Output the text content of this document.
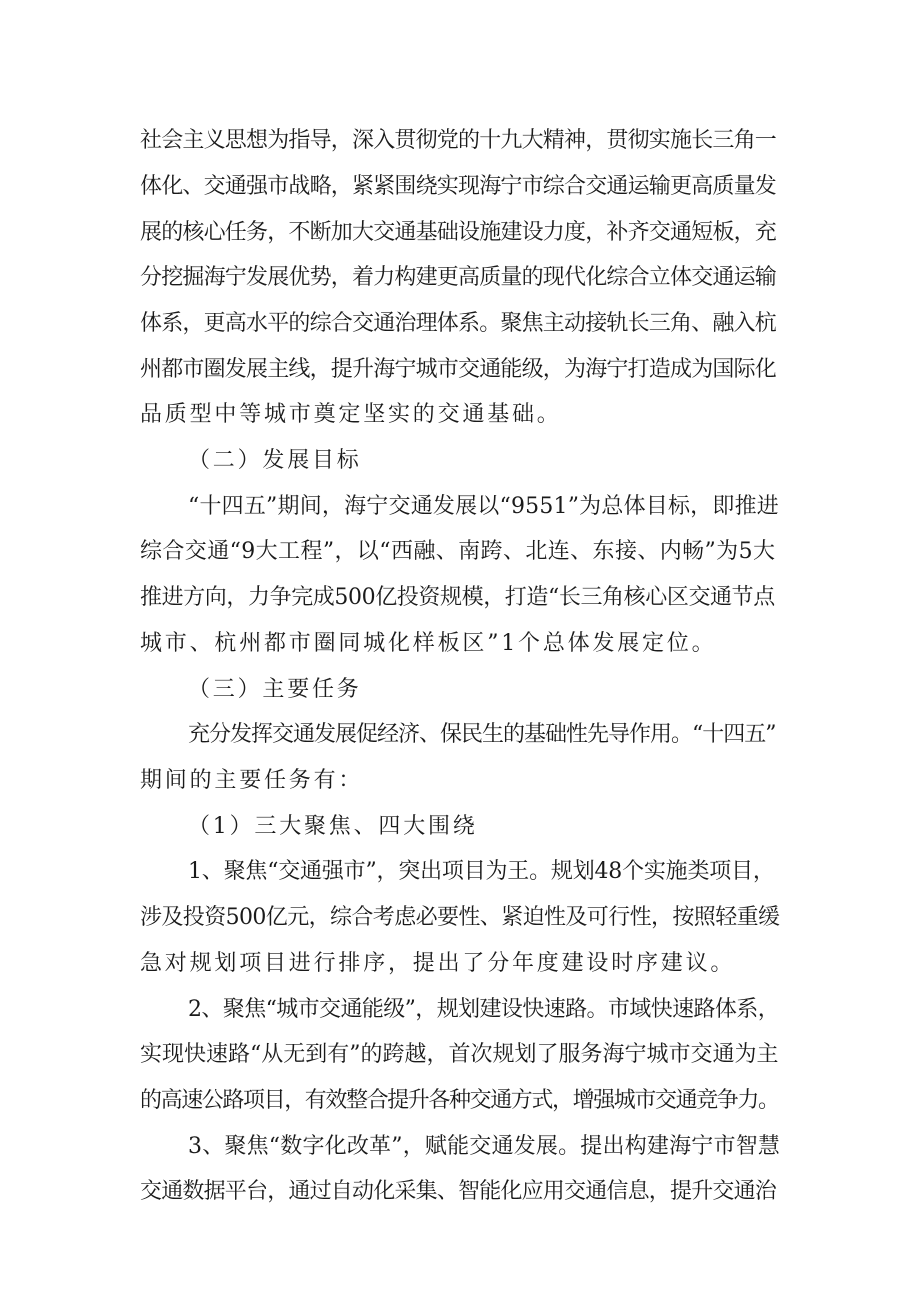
社会主义思想为指导，深入贯彻党的十九大精神，贯彻实施长三角一
体化、交通强市战略，紧紧围绕实现海宁市综合交通运输更高质量发
展的核心任务，不断加大交通基础设施建设力度，补齐交通短板，充
分挖掘海宁发展优势，着力构建更高质量的现代化综合立体交通运输
体系，更高水平的综合交通治理体系。聚焦主动接轨长三角、融入杭
州都市圈发展主线，提升海宁城市交通能级，为海宁打造成为国际化
品质型中等城市奠定坚实的交通基础。
（二）发展目标
“十四五”期间，海宁交通发展以“9551”为总体目标，即推进
综合交通“9大工程”，以“西融、南跨、北连、东接、内畅”为5大
推进方向，力争完成500亿投资规模，打造“长三角核心区交通节点
城市、杭州都市圈同城化样板区”1个总体发展定位。
（三）主要任务
充分发挥交通发展促经济、保民生的基础性先导作用。“十四五”
期间的主要任务有：
（1）三大聚焦、四大围绕
1、聚焦“交通强市”，突出项目为王。规划48个实施类项目，
涉及投资500亿元，综合考虑必要性、紧迫性及可行性，按照轻重缓
急对规划项目进行排序，提出了分年度建设时序建议。
2、聚焦“城市交通能级”，规划建设快速路。市域快速路体系，
实现快速路“从无到有”的跨越，首次规划了服务海宁城市交通为主
的高速公路项目，有效整合提升各种交通方式，增强城市交通竞争力。
3、聚焦“数字化改革”，赋能交通发展。提出构建海宁市智慧
交通数据平台，通过自动化采集、智能化应用交通信息，提升交通治
